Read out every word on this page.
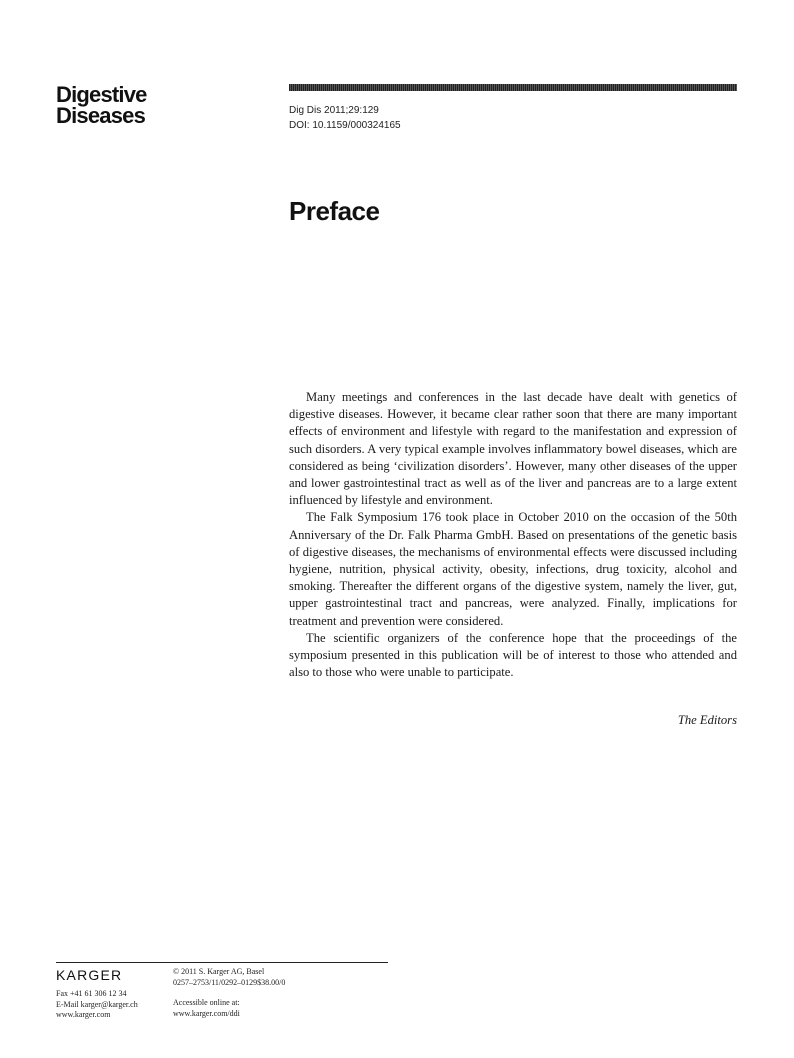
Digestive
Diseases	Dig Dis 2011;29:129
DOI: 10.1159/000324165
Preface

Many meetings and conferences in the last decade have dealt with genetics of digestive diseases. However, it became clear rather soon that there are many important effects of environment and lifestyle with regard to the manifestation and expression of such disorders. A very typical example involves inflammatory bowel diseases, which are considered as being ‘civilization disorders’. However, many other diseases of the upper and lower gastrointestinal tract as well as of the liver and pancreas are to a large extent influenced by lifestyle and environment.

The Falk Symposium 176 took place in October 2010 on the occasion of the 50th Anniversary of the Dr. Falk Pharma GmbH. Based on presentations of the genetic basis of digestive diseases, the mechanisms of environmental effects were discussed including hygiene, nutrition, physical activity, obesity, infections, drug toxicity, alcohol and smoking. Thereafter the different organs of the digestive system, namely the liver, gut, upper gastrointestinal tract and pancreas, were analyzed. Finally, implications for treatment and prevention were considered.

The scientific organizers of the conference hope that the proceedings of the symposium presented in this publication will be of interest to those who attended and also to those who were unable to participate.

The Editors
KARGER
Fax +41 61 306 12 34
E-Mail karger@karger.ch
www.karger.com
© 2011 S. Karger AG, Basel
0257–2753/11/0292–0129$38.00/0
Accessible online at:
www.karger.com/ddi
